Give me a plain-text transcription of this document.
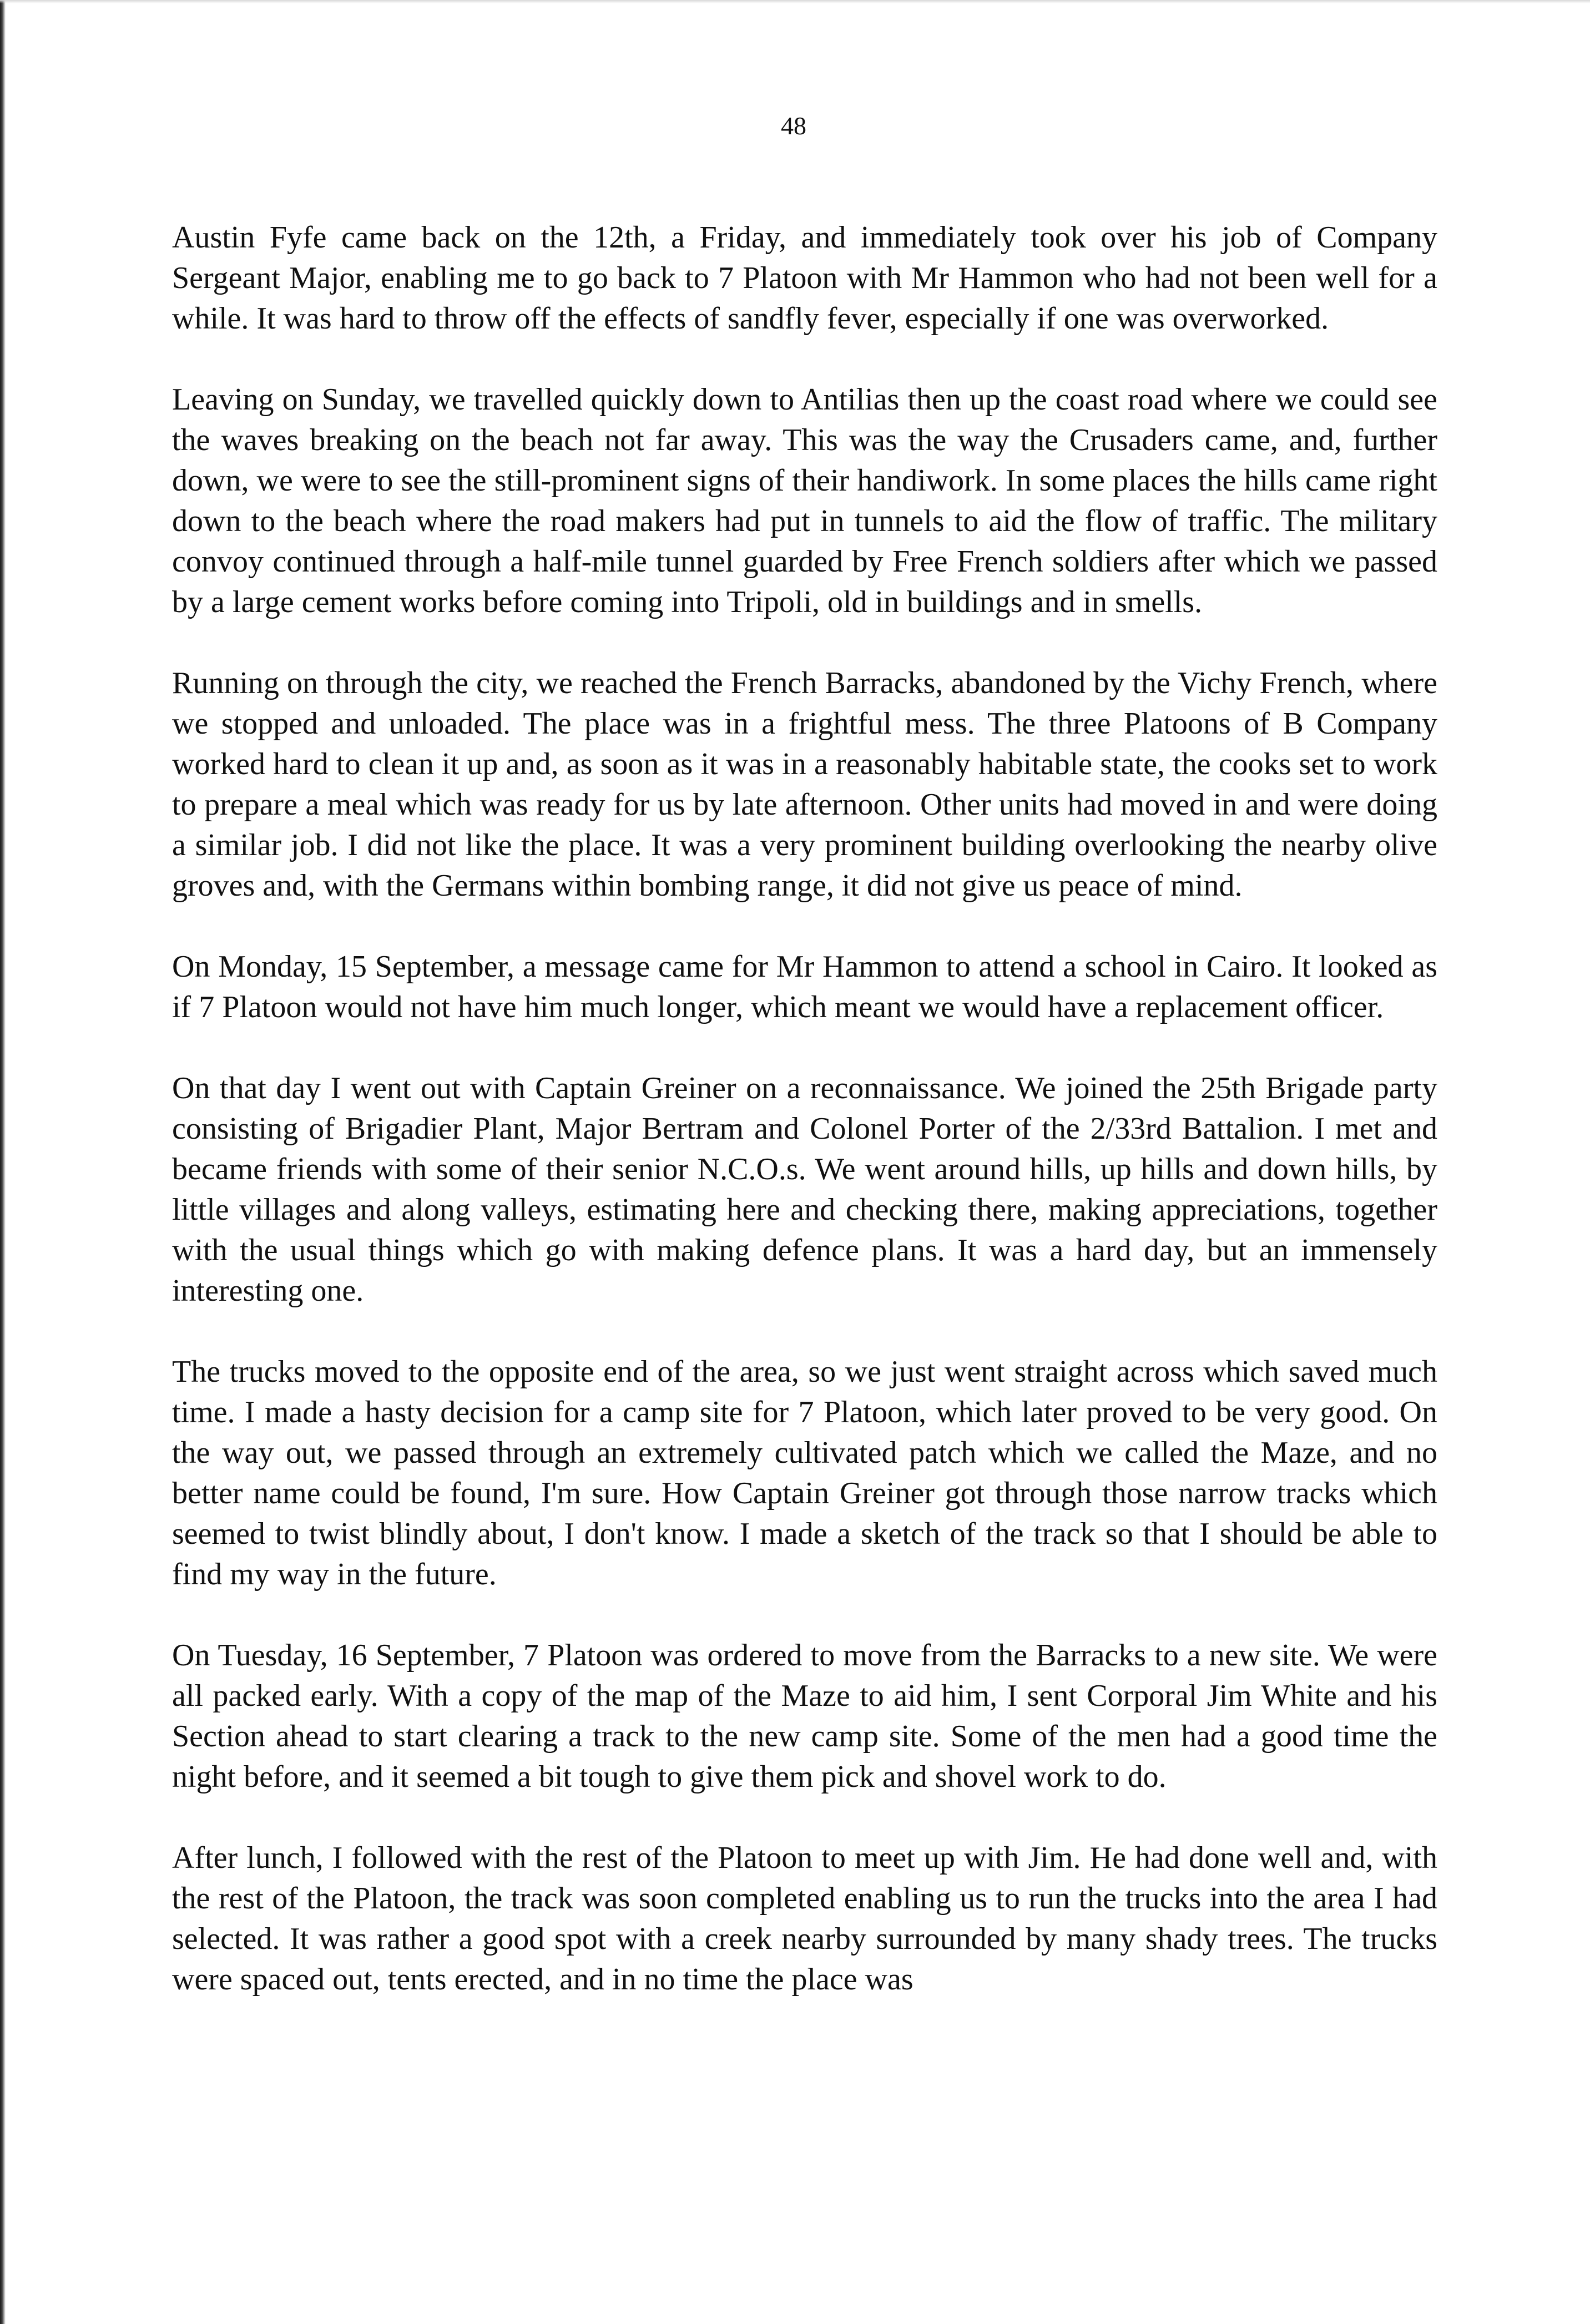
48

Austin Fyfe came back on the 12th, a Friday, and immediately took over his job of Company Sergeant Major, enabling me to go back to 7 Platoon with Mr Hammon who had not been well for a while. It was hard to throw off the effects of sandfly fever, especially if one was overworked.

Leaving on Sunday, we travelled quickly down to Antilias then up the coast road where we could see the waves breaking on the beach not far away. This was the way the Crusaders came, and, further down, we were to see the still-prominent signs of their handiwork. In some places the hills came right down to the beach where the road makers had put in tunnels to aid the flow of traffic. The military convoy continued through a half-mile tunnel guarded by Free French soldiers after which we passed by a large cement works before coming into Tripoli, old in buildings and in smells.

Running on through the city, we reached the French Barracks, abandoned by the Vichy French, where we stopped and unloaded. The place was in a frightful mess. The three Platoons of B Company worked hard to clean it up and, as soon as it was in a reasonably habitable state, the cooks set to work to prepare a meal which was ready for us by late afternoon. Other units had moved in and were doing a similar job. I did not like the place. It was a very prominent building overlooking the nearby olive groves and, with the Germans within bombing range, it did not give us peace of mind.

On Monday, 15 September, a message came for Mr Hammon to attend a school in Cairo. It looked as if 7 Platoon would not have him much longer, which meant we would have a replacement officer.

On that day I went out with Captain Greiner on a reconnaissance. We joined the 25th Brigade party consisting of Brigadier Plant, Major Bertram and Colonel Porter of the 2/33rd Battalion. I met and became friends with some of their senior N.C.O.s. We went around hills, up hills and down hills, by little villages and along valleys, estimating here and checking there, making appreciations, together with the usual things which go with making defence plans. It was a hard day, but an immensely interesting one.

The trucks moved to the opposite end of the area, so we just went straight across which saved much time. I made a hasty decision for a camp site for 7 Platoon, which later proved to be very good. On the way out, we passed through an extremely cultivated patch which we called the Maze, and no better name could be found, I'm sure. How Captain Greiner got through those narrow tracks which seemed to twist blindly about, I don't know. I made a sketch of the track so that I should be able to find my way in the future.

On Tuesday, 16 September, 7 Platoon was ordered to move from the Barracks to a new site. We were all packed early. With a copy of the map of the Maze to aid him, I sent Corporal Jim White and his Section ahead to start clearing a track to the new camp site. Some of the men had a good time the night before, and it seemed a bit tough to give them pick and shovel work to do.

After lunch, I followed with the rest of the Platoon to meet up with Jim. He had done well and, with the rest of the Platoon, the track was soon completed enabling us to run the trucks into the area I had selected. It was rather a good spot with a creek nearby surrounded by many shady trees. The trucks were spaced out, tents erected, and in no time the place was
